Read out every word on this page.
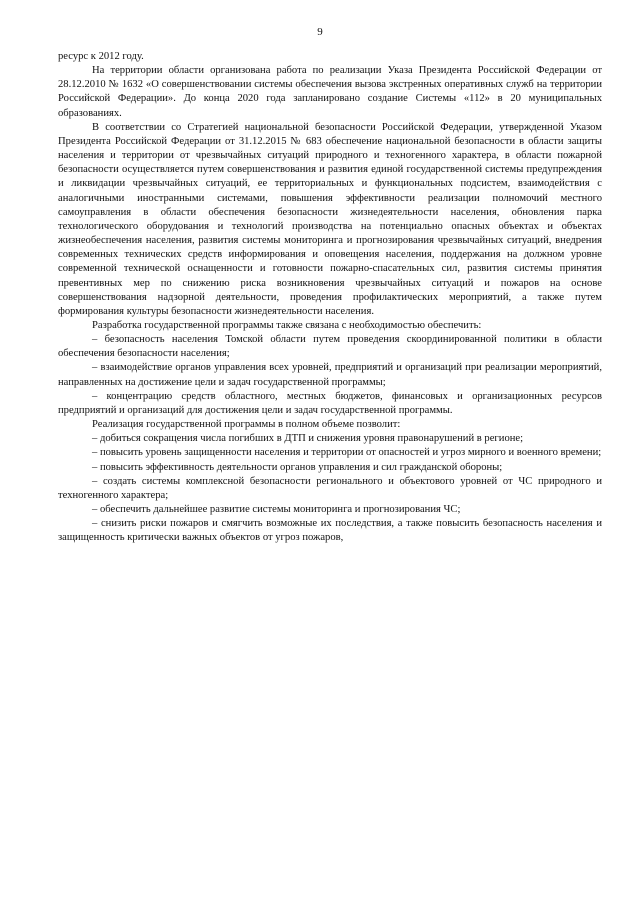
9

ресурс к 2012 году.

На территории области организована работа по реализации Указа Президента Российской Федерации от 28.12.2010 № 1632 «О совершенствовании системы обеспечения вызова экстренных оперативных служб на территории Российской Федерации». До конца 2020 года запланировано создание Системы «112» в 20 муниципальных образованиях.

В соответствии со Стратегией национальной безопасности Российской Федерации, утвержденной Указом Президента Российской Федерации от 31.12.2015 № 683 обеспечение национальной безопасности в области защиты населения и территории от чрезвычайных ситуаций природного и техногенного характера, в области пожарной безопасности осуществляется путем совершенствования и развития единой государственной системы предупреждения и ликвидации чрезвычайных ситуаций, ее территориальных и функциональных подсистем, взаимодействия с аналогичными иностранными системами, повышения эффективности реализации полномочий местного самоуправления в области обеспечения безопасности жизнедеятельности населения, обновления парка технологического оборудования и технологий производства на потенциально опасных объектах и объектах жизнеобеспечения населения, развития системы мониторинга и прогнозирования чрезвычайных ситуаций, внедрения современных технических средств информирования и оповещения населения, поддержания на должном уровне современной технической оснащенности и готовности пожарно-спасательных сил, развития системы принятия превентивных мер по снижению риска возникновения чрезвычайных ситуаций и пожаров на основе совершенствования надзорной деятельности, проведения профилактических мероприятий, а также путем формирования культуры безопасности жизнедеятельности населения.

Разработка государственной программы также связана с необходимостью обеспечить:

– безопасность населения Томской области путем проведения скоординированной политики в области обеспечения безопасности населения;

– взаимодействие органов управления всех уровней, предприятий и организаций при реализации мероприятий, направленных на достижение цели и задач государственной программы;

– концентрацию средств областного, местных бюджетов, финансовых и организационных ресурсов предприятий и организаций для достижения цели и задач государственной программы.

Реализация государственной программы в полном объеме позволит:

– добиться сокращения числа погибших в ДТП и снижения уровня правонарушений в регионе;

– повысить уровень защищенности населения и территории от опасностей и угроз мирного и военного времени;

– повысить эффективность деятельности органов управления и сил гражданской обороны;

– создать системы комплексной безопасности регионального и объектового уровней от ЧС природного и техногенного характера;

– обеспечить дальнейшее развитие системы мониторинга и прогнозирования ЧС;

– снизить риски пожаров и смягчить возможные их последствия, а также повысить безопасность населения и защищенность критически важных объектов от угроз пожаров,
